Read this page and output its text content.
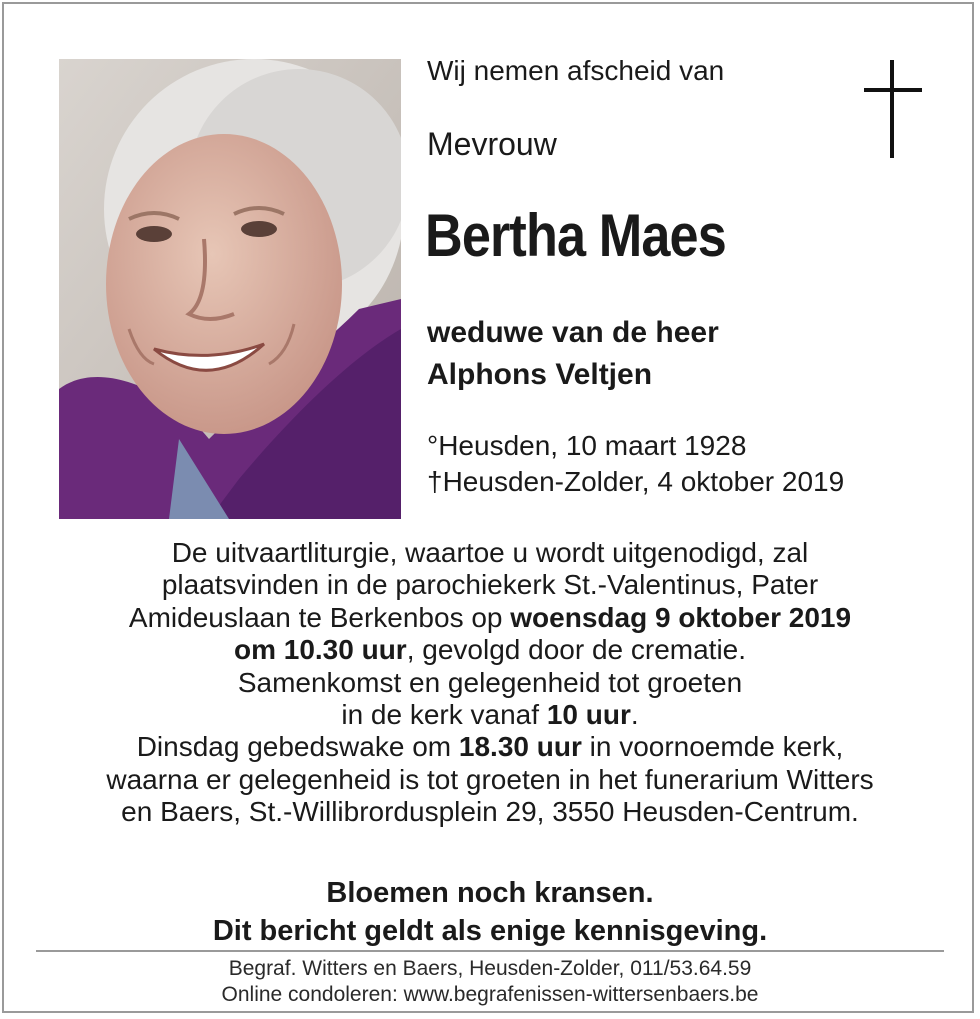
Wij nemen afscheid van
Mevrouw
Bertha Maes
weduwe van de heer
Alphons Veltjen
°Heusden, 10 maart 1928
†Heusden-Zolder, 4 oktober 2019
De uitvaartliturgie, waartoe u wordt uitgenodigd, zal
plaatsvinden in de parochiekerk St.-Valentinus, Pater
Amideuslaan te Berkenbos op woensdag 9 oktober 2019
om 10.30 uur, gevolgd door de crematie.
Samenkomst en gelegenheid tot groeten
in de kerk vanaf 10 uur.
Dinsdag gebedswake om 18.30 uur in voornoemde kerk,
waarna er gelegenheid is tot groeten in het funerarium Witters
en Baers, St.-Willibrordusplein 29, 3550 Heusden-Centrum.
Bloemen noch kransen.
Dit bericht geldt als enige kennisgeving.
Begraf. Witters en Baers, Heusden-Zolder, 011/53.64.59
Online condoleren: www.begrafenissen-wittersenbaers.be
